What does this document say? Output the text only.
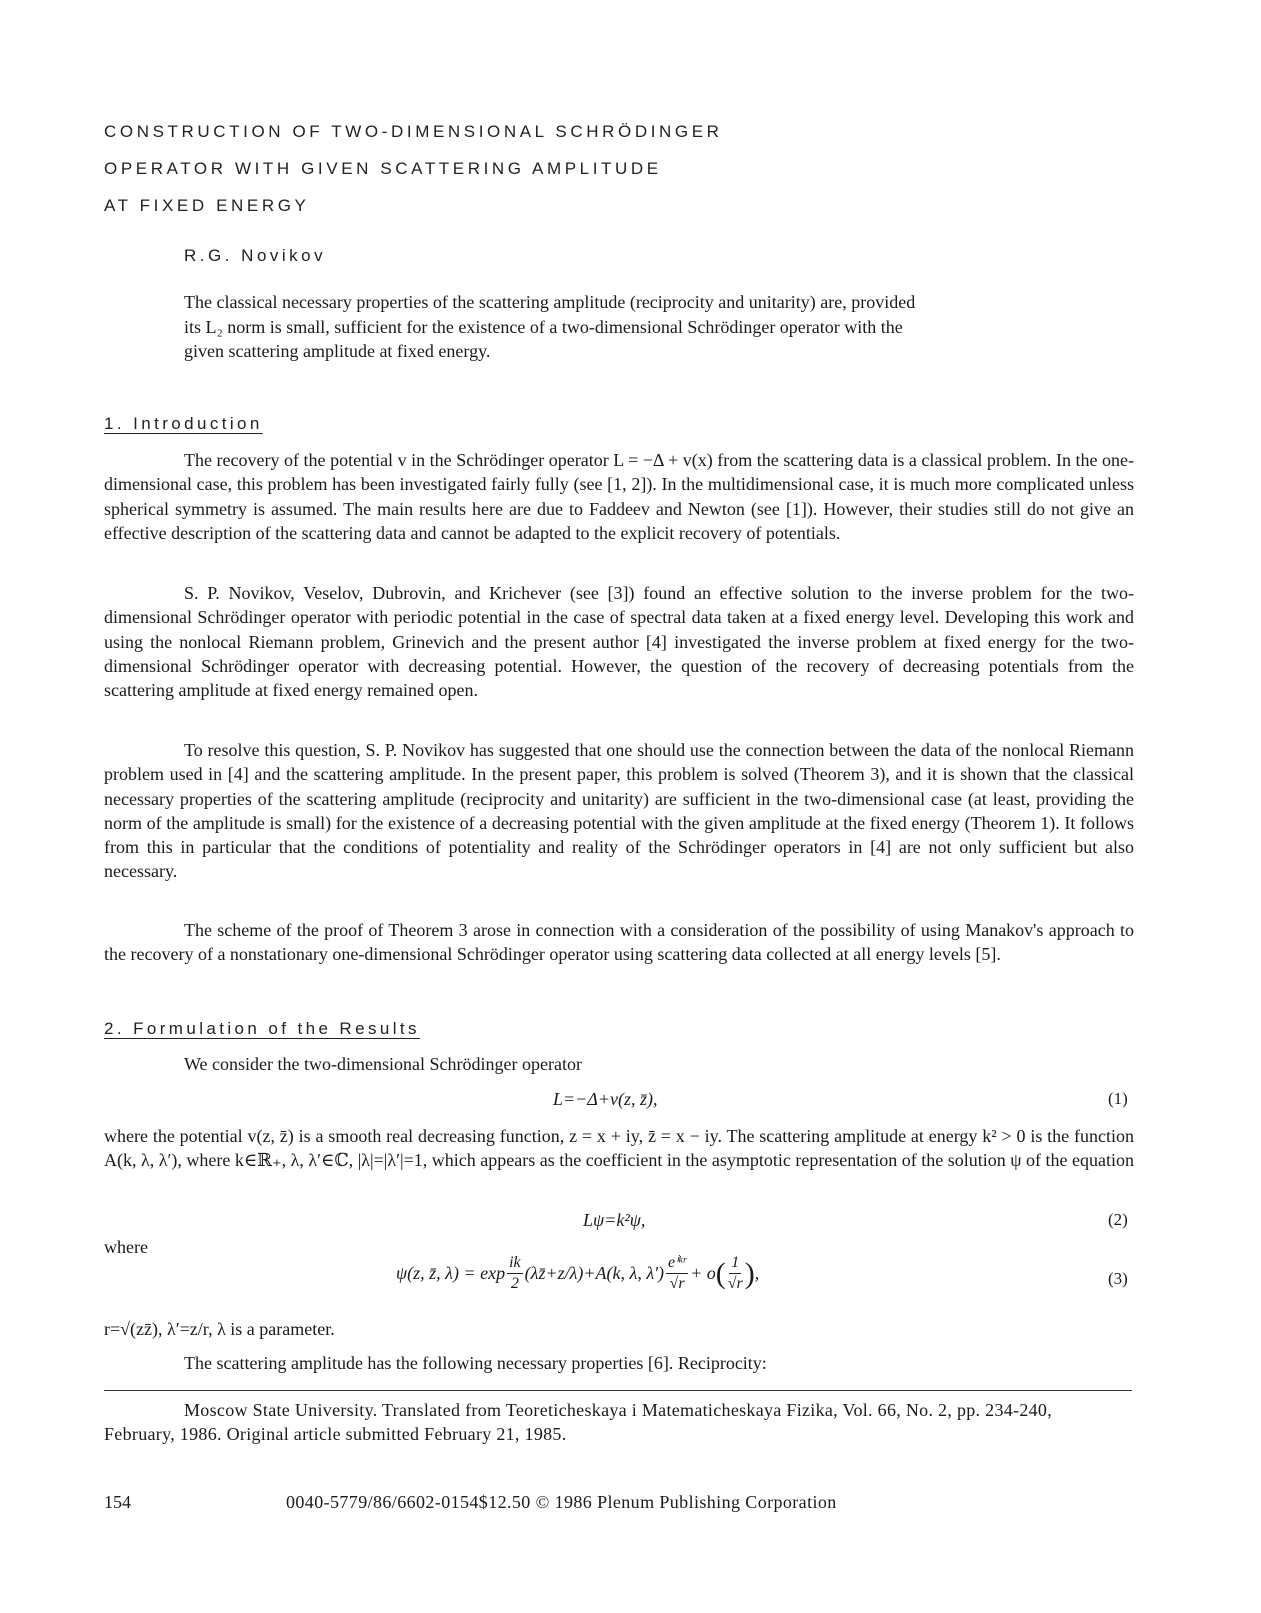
CONSTRUCTION OF TWO-DIMENSIONAL SCHRÖDINGER
OPERATOR WITH GIVEN SCATTERING AMPLITUDE
AT FIXED ENERGY
R.G. Novikov
The classical necessary properties of the scattering amplitude (reciprocity and unitarity) are, provided its L₂ norm is small, sufficient for the existence of a two-dimensional Schrödinger operator with the given scattering amplitude at fixed energy.
1. Introduction
The recovery of the potential v in the Schrödinger operator L = −Δ + v(x) from the scattering data is a classical problem. In the one-dimensional case, this problem has been investigated fairly fully (see [1, 2]). In the multidimensional case, it is much more complicated unless spherical symmetry is assumed. The main results here are due to Faddeev and Newton (see [1]). However, their studies still do not give an effective description of the scattering data and cannot be adapted to the explicit recovery of potentials.
S. P. Novikov, Veselov, Dubrovin, and Krichever (see [3]) found an effective solution to the inverse problem for the two-dimensional Schrödinger operator with periodic potential in the case of spectral data taken at a fixed energy level. Developing this work and using the nonlocal Riemann problem, Grinevich and the present author [4] investigated the inverse problem at fixed energy for the two-dimensional Schrödinger operator with decreasing potential. However, the question of the recovery of decreasing potentials from the scattering amplitude at fixed energy remained open.
To resolve this question, S. P. Novikov has suggested that one should use the connection between the data of the nonlocal Riemann problem used in [4] and the scattering amplitude. In the present paper, this problem is solved (Theorem 3), and it is shown that the classical necessary properties of the scattering amplitude (reciprocity and unitarity) are sufficient in the two-dimensional case (at least, providing the norm of the amplitude is small) for the existence of a decreasing potential with the given amplitude at the fixed energy (Theorem 1). It follows from this in particular that the conditions of potentiality and reality of the Schrödinger operators in [4] are not only sufficient but also necessary.
The scheme of the proof of Theorem 3 arose in connection with a consideration of the possibility of using Manakov's approach to the recovery of a nonstationary one-dimensional Schrödinger operator using scattering data collected at all energy levels [5].
2. Formulation of the Results
We consider the two-dimensional Schrödinger operator
L=−Δ+v(z, z̄),	(1)
where the potential v(z, z̄) is a smooth real decreasing function, z = x + iy, z̄ = x − iy. The scattering amplitude at energy k² > 0 is the function A(k, λ, λ′), where k∈ℝ₊, λ, λ′∈ℂ, |λ|=|λ′|=1, which appears as the coefficient in the asymptotic representation of the solution ψ of the equation
Lψ=k²ψ,	(2)
where
ψ(z, z̄, $\lambda) = \exp \frac{ik}{2}$ (λz̄+z/λ)+A(k, λ, $\lambda') \frac{\text{eⁱᵏʳ}}{√r} + o$ ( $\frac{1}{√r}$ ) ,	(3)
r=√(zz̄), λ′=z/r, λ is a parameter.
The scattering amplitude has the following necessary properties [6]. Reciprocity:
Moscow State University. Translated from Teoreticheskaya i Matematicheskaya Fizika, Vol. 66, No. 2, pp. 234-240, February, 1986. Original article submitted February 21, 1985.
154	0040-5779/86/6602-0154$12.50 © 1986 Plenum Publishing Corporation
